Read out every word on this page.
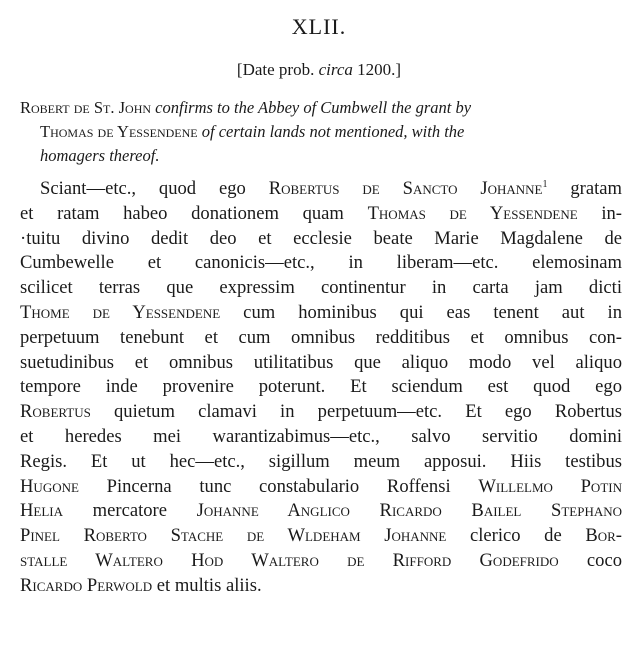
XLII.
[Date prob. circa 1200.]

Robert de St. John confirms to the Abbey of Cumbwell the grant by
Thomas de Yessendene of certain lands not mentioned, with the
homagers thereof.

Sciant—etc., quod ego Robertus de Sancto Johanne$^1$ gratam
et ratam habeo donationem quam Thomas de Yessendene in-
·tuitu divino dedit deo et ecclesie beate Marie Magdalene de
Cumbewelle et canonicis—etc., in liberam—etc. elemosinam
scilicet terras que expressim continentur in carta jam dicti
Thome de Yessendene cum hominibus qui eas tenent aut in
perpetuum tenebunt et cum omnibus redditibus et omnibus con-
suetudinibus et omnibus utilitatibus que aliquo modo vel aliquo
tempore inde provenire poterunt. Et sciendum est quod ego
Robertus quietum clamavi in perpetuum—etc. Et ego Robertus
et heredes mei warantizabimus—etc., salvo servitio domini
Regis. Et ut hec—etc., sigillum meum apposui. Hiis testibus
Hugone Pincerna tunc constabulario Roffensi Willelmo Potin
Helia mercatore Johanne Anglico Ricardo Bailel Stephano
Pinel Roberto Stache de Wldeham Johanne clerico de Bor-
stalle Waltero Hod Waltero de Rifford Godefrido coco
Ricardo Perwold et multis aliis.
